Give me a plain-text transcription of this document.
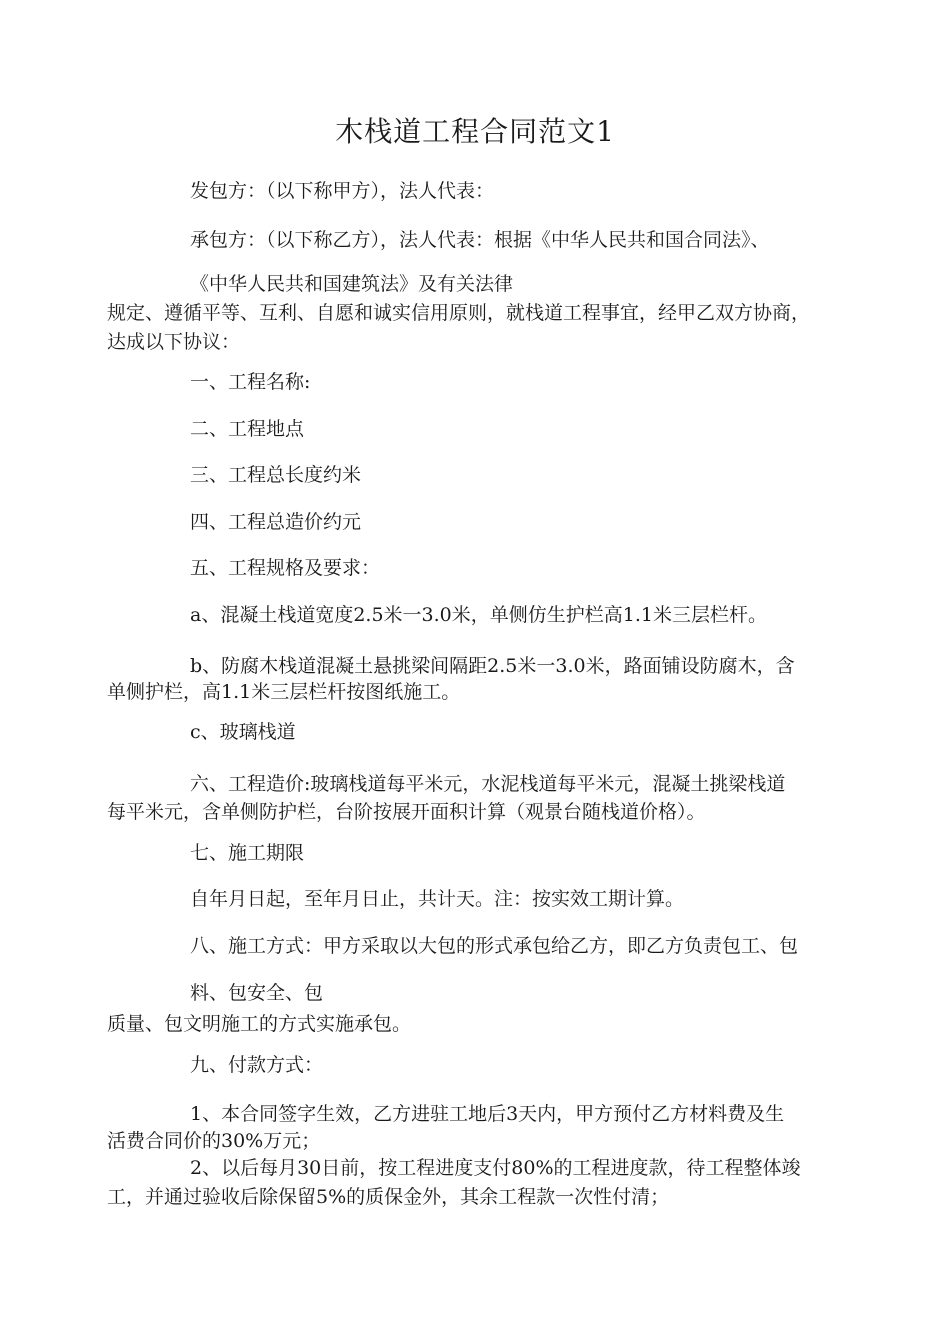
木栈道工程合同范文1
发包方：（以下称甲方），法人代表：
承包方：（以下称乙方），法人代表：根据《中华人民共和国合同法》、
《中华人民共和国建筑法》及有关法律
规定、遵循平等、互利、自愿和诚实信用原则，就栈道工程事宜，经甲乙双方协商，
达成以下协议：
一、工程名称:
二、工程地点
三、工程总长度约米
四、工程总造价约元
五、工程规格及要求：
a、混凝土栈道宽度2.5米一3.0米，单侧仿生护栏高1.1米三层栏杆。
b、防腐木栈道混凝土悬挑梁间隔距2.5米一3.0米，路面铺设防腐木，含
单侧护栏，高1.1米三层栏杆按图纸施工。
c、玻璃栈道
六、工程造价:玻璃栈道每平米元，水泥栈道每平米元，混凝土挑梁栈道
每平米元，含单侧防护栏，台阶按展开面积计算（观景台随栈道价格）。
七、施工期限
自年月日起，至年月日止，共计天。注：按实效工期计算。
八、施工方式：甲方采取以大包的形式承包给乙方，即乙方负责包工、包
料、包安全、包
质量、包文明施工的方式实施承包。
九、付款方式：
1、本合同签字生效，乙方进驻工地后3天内，甲方预付乙方材料费及生
活费合同价的30%万元；
2、以后每月30日前，按工程进度支付80%的工程进度款，待工程整体竣
工，并通过验收后除保留5%的质保金外，其余工程款一次性付清；
